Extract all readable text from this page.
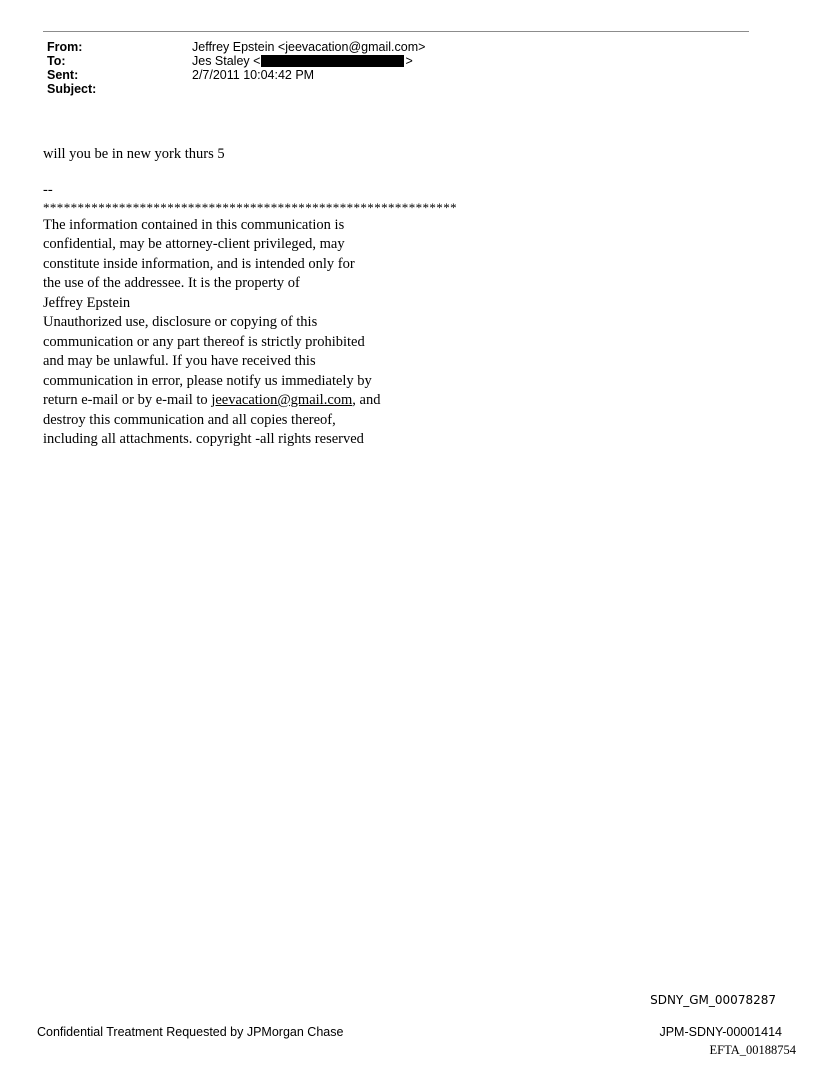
From:	Jeffrey Epstein <jeevacation@gmail.com>
To:	Jes Staley <	>
Sent:	2/7/2011 10:04:42 PM
Subject:

will you be in new york thurs 5

--

************************************************************

The information contained in this communication is

confidential, may be attorney-client privileged, may

constitute inside information, and is intended only for

the use of the addressee. It is the property of

Jeffrey Epstein

Unauthorized use, disclosure or copying of this

communication or any part thereof is strictly prohibited

and may be unlawful. If you have received this

communication in error, please notify us immediately by

return e-mail or by e-mail to jeevacation@gmail.com, and

destroy this communication and all copies thereof,

including all attachments. copyright -all rights reserved

SDNY_GM_00078287
Confidential Treatment Requested by JPMorgan Chase	JPM-SDNY-00001414
EFTA_00188754
